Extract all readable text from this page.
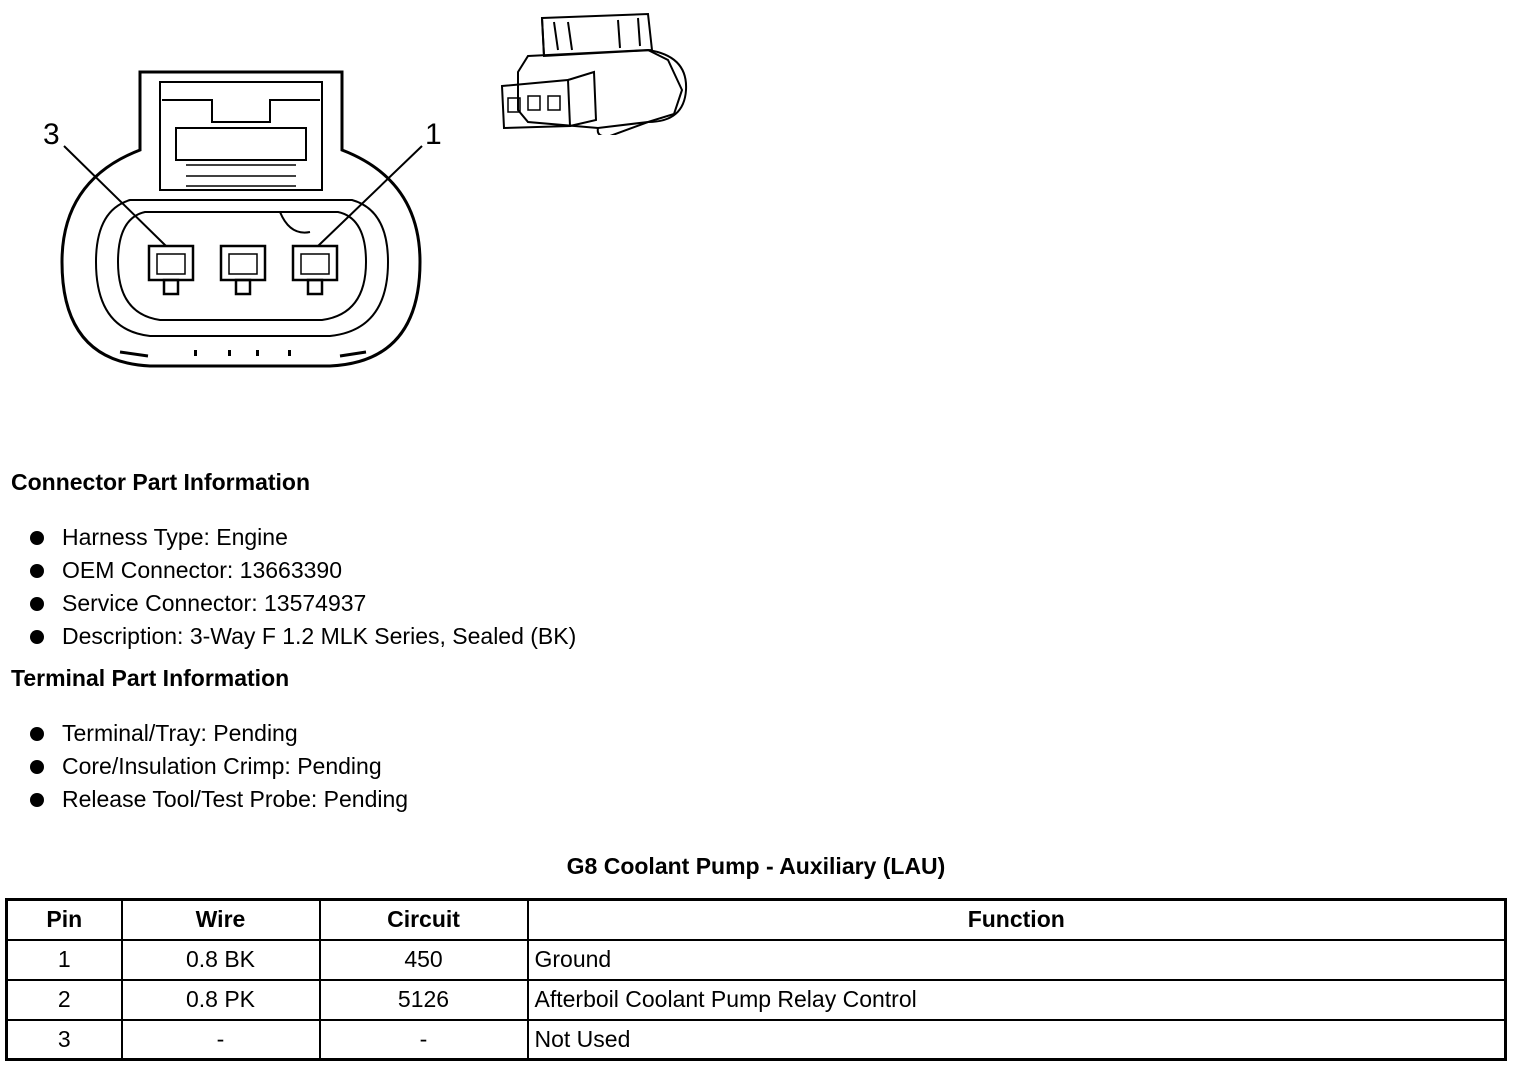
3	1
Connector Part Information
Harness Type: Engine
OEM Connector: 13663390
Service Connector: 13574937
Description: 3-Way F 1.2 MLK Series, Sealed (BK)
Terminal Part Information
Terminal/Tray: Pending
Core/Insulation Crimp: Pending
Release Tool/Test Probe: Pending
G8 Coolant Pump - Auxiliary (LAU)
Pin	Wire	Circuit	Function
1	0.8 BK	450	Ground
2	0.8 PK	5126	Afterboil Coolant Pump Relay Control
3	-	-	Not Used
